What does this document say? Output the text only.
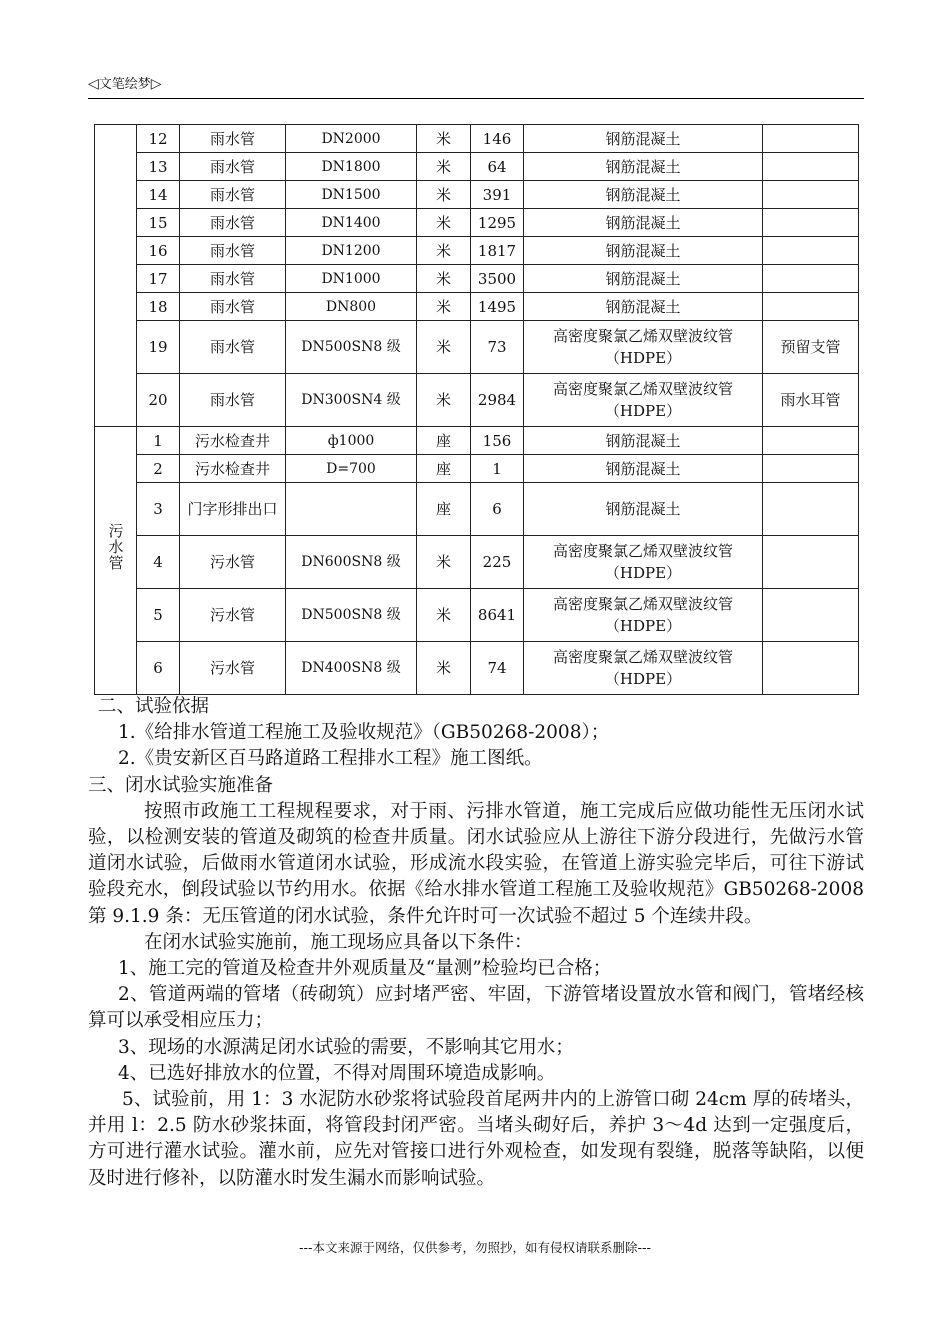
◁文笔绘梦▷
	12	雨水管	DN2000	米	146	钢筋混凝土	
	13	雨水管	DN1800	米	64	钢筋混凝土	
	14	雨水管	DN1500	米	391	钢筋混凝土	
	15	雨水管	DN1400	米	1295	钢筋混凝土	
	16	雨水管	DN1200	米	1817	钢筋混凝土	
	17	雨水管	DN1000	米	3500	钢筋混凝土	
	18	雨水管	DN800	米	1495	钢筋混凝土	
	19	雨水管	DN500SN8 级	米	73	高密度聚氯乙烯双壁波纹管（HDPE）	预留支管
	20	雨水管	DN300SN4 级	米	2984	高密度聚氯乙烯双壁波纹管（HDPE）	雨水耳管
污水管	1	污水检查井	ф1000	座	156	钢筋混凝土	
	2	污水检查井	D=700	座	1	钢筋混凝土	
	3	门字形排出口		座	6	钢筋混凝土	
	4	污水管	DN600SN8 级	米	225	高密度聚氯乙烯双壁波纹管（HDPE）	
	5	污水管	DN500SN8 级	米	8641	高密度聚氯乙烯双壁波纹管（HDPE）	
	6	污水管	DN400SN8 级	米	74	高密度聚氯乙烯双壁波纹管（HDPE）	

二、试验依据

1.《给排水管道工程施工及验收规范》（GB50268-2008）；

2.《贵安新区百马路道路工程排水工程》施工图纸。

三、闭水试验实施准备

按照市政施工工程规程要求，对于雨、污排水管道，施工完成后应做功能性无压闭水试验，以检测安装的管道及砌筑的检查井质量。闭水试验应从上游往下游分段进行，先做污水管道闭水试验，后做雨水管道闭水试验，形成流水段实验，在管道上游实验完毕后，可往下游试验段充水，倒段试验以节约用水。依据《给水排水管道工程施工及验收规范》GB50268-2008 第 9.1.9 条：无压管道的闭水试验，条件允许时可一次试验不超过 5 个连续井段。

在闭水试验实施前，施工现场应具备以下条件：

1、施工完的管道及检查井外观质量及“量测”检验均已合格；

2、管道两端的管堵（砖砌筑）应封堵严密、牢固，下游管堵设置放水管和阀门，管堵经核算可以承受相应压力；

3、现场的水源满足闭水试验的需要，不影响其它用水；

4、已选好排放水的位置，不得对周围环境造成影响。

5、试验前，用 1：3 水泥防水砂浆将试验段首尾两井内的上游管口砌 24cm 厚的砖堵头，并用 l：2.5 防水砂浆抹面，将管段封闭严密。当堵头砌好后，养护 3～4d 达到一定强度后，方可进行灌水试验。灌水前，应先对管接口进行外观检查，如发现有裂缝，脱落等缺陷，以便及时进行修补，以防灌水时发生漏水而影响试验。

---本文来源于网络，仅供参考，勿照抄，如有侵权请联系删除---
